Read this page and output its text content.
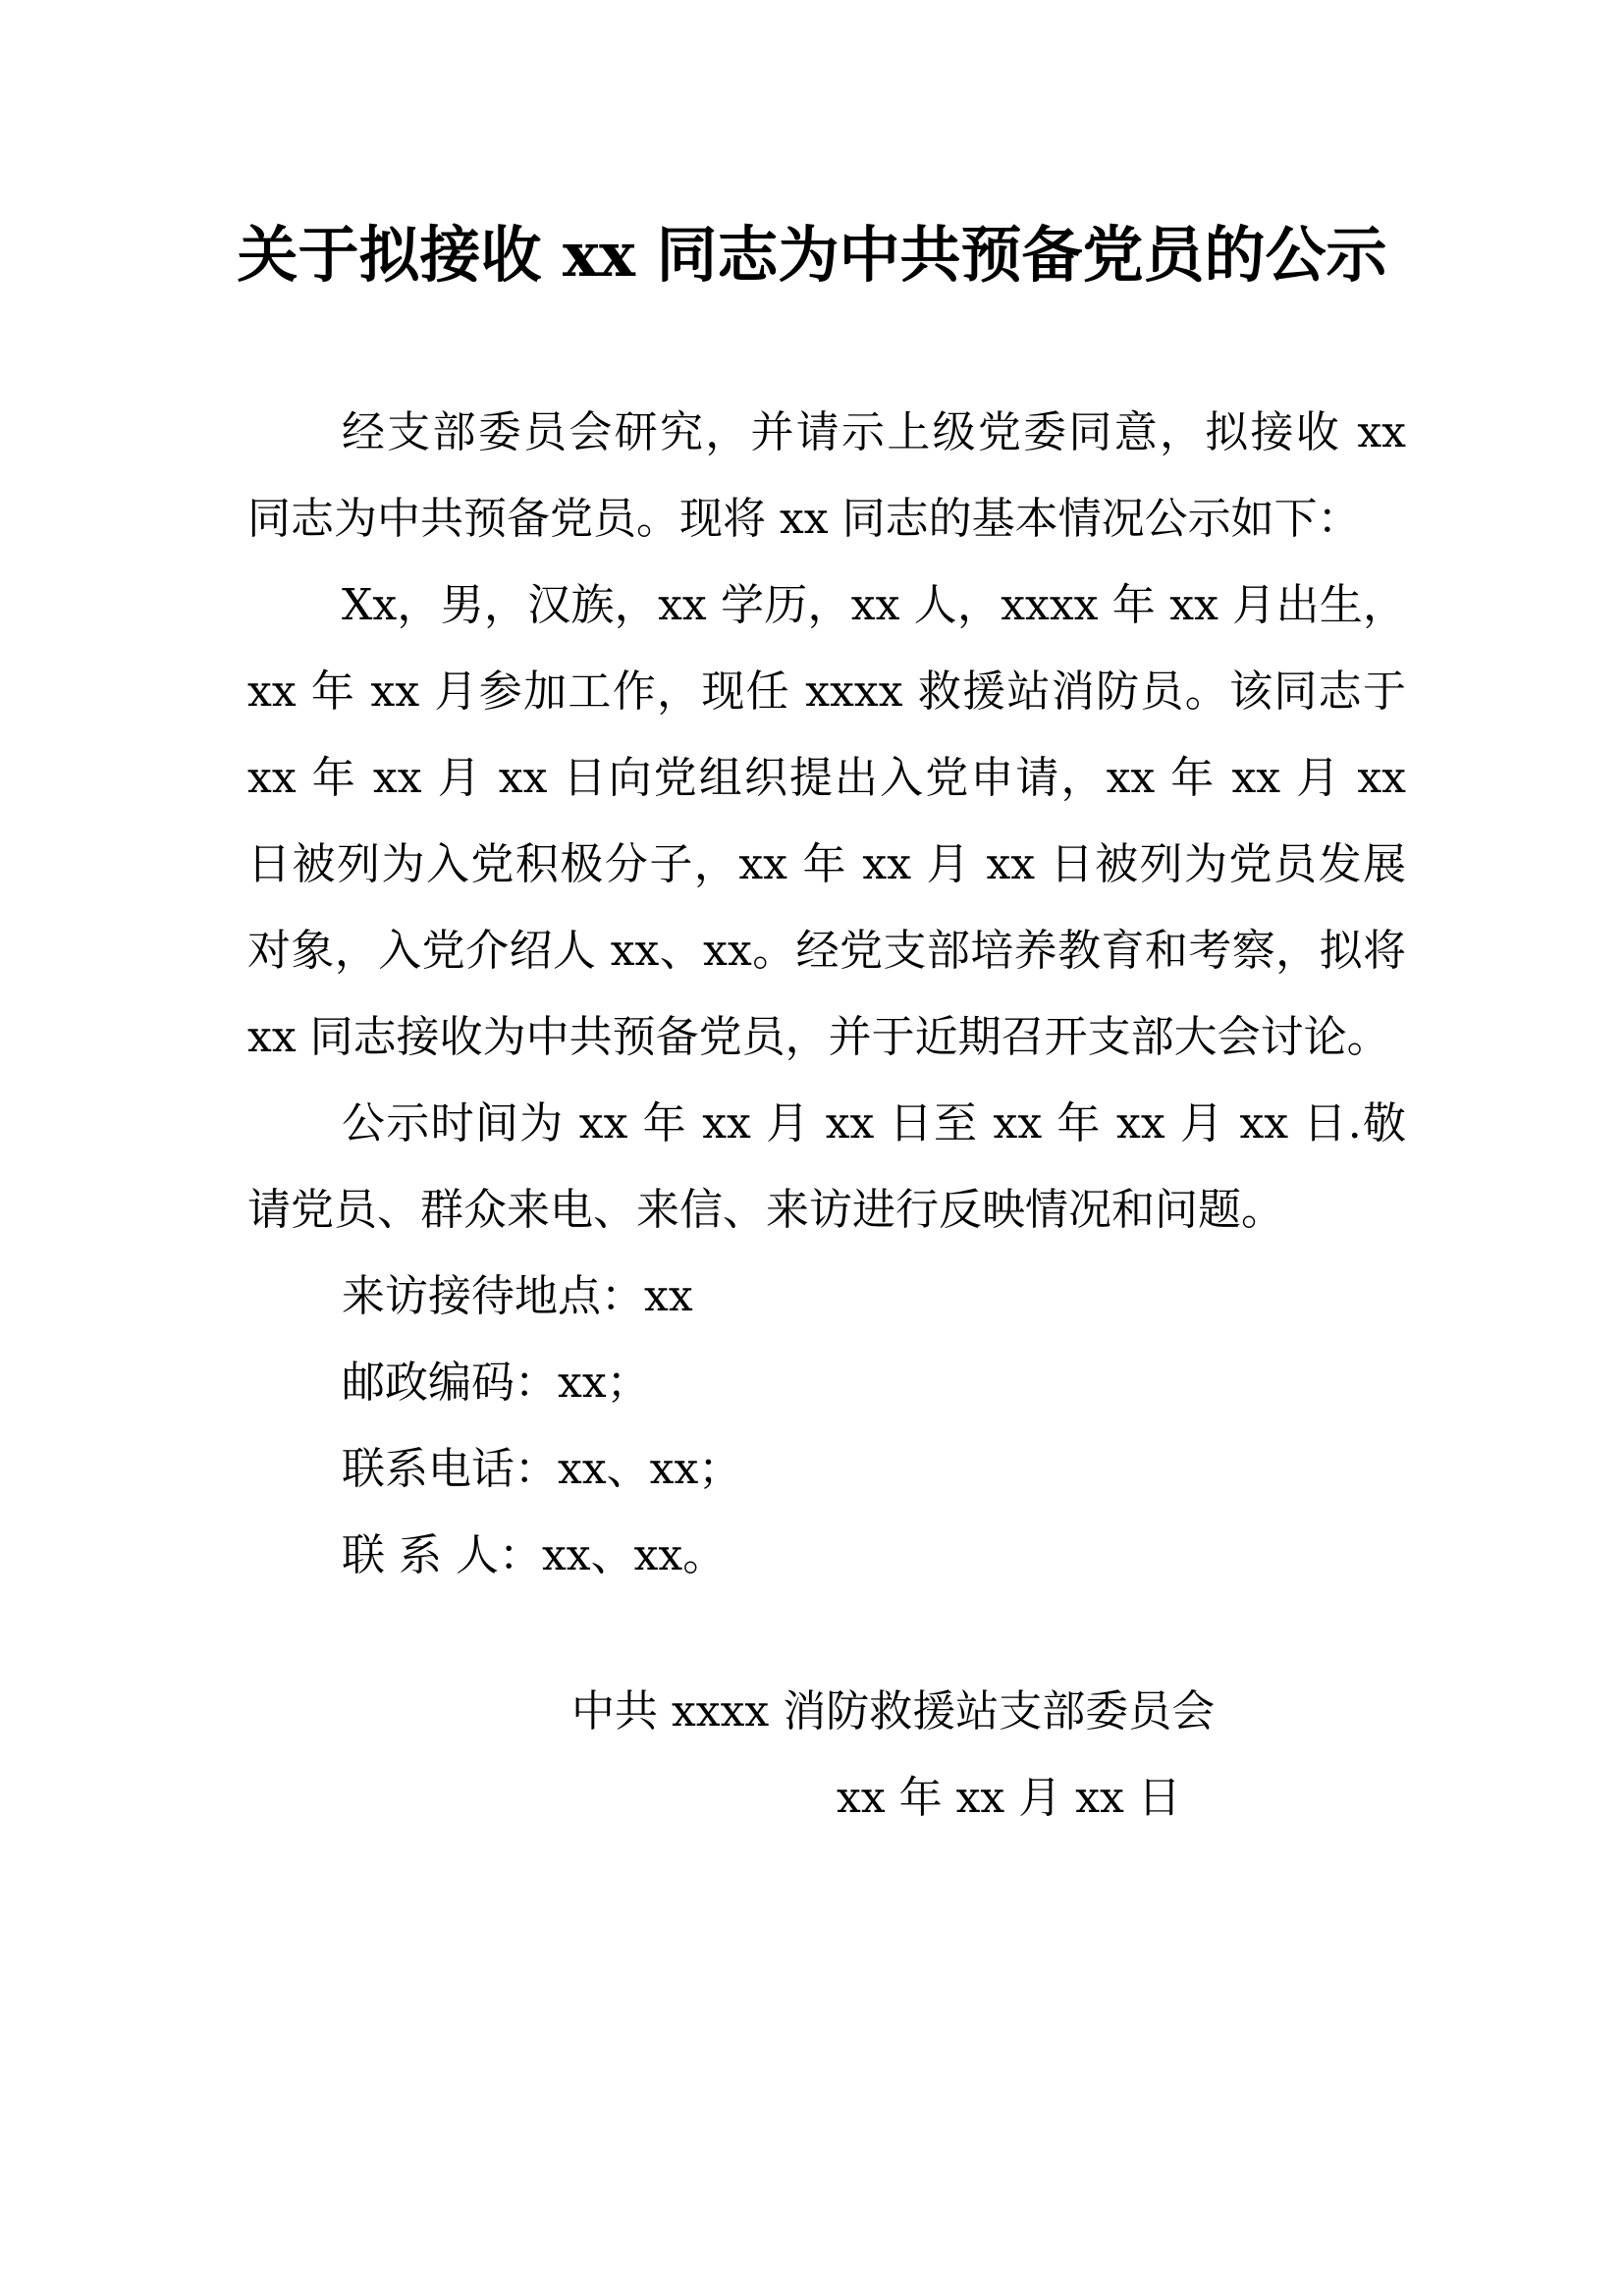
关于拟接收 xx 同志为中共预备党员的公示

经支部委员会研究，并请示上级党委同意，拟接收 xx 同志为中共预备党员。现将 xx 同志的基本情况公示如下：

Xx，男，汉族，xx 学历，xx 人，xxxx 年 xx 月出生，xx 年 xx 月参加工作，现任 xxxx 救援站消防员。该同志于 xx 年 xx 月 xx 日向党组织提出入党申请，xx 年 xx 月 xx 日被列为入党积极分子，xx 年 xx 月 xx 日被列为党员发展对象，入党介绍人 xx、xx。经党支部培养教育和考察，拟将 xx 同志接收为中共预备党员，并于近期召开支部大会讨论。

公示时间为 xx 年 xx 月 xx 日至 xx 年 xx 月 xx 日.敬请党员、群众来电、来信、来访进行反映情况和问题。

来访接待地点：xx

邮政编码：xx；

联系电话：xx、xx；

联 系 人：xx、xx。

中共 xxxx 消防救援站支部委员会
xx 年 xx 月 xx 日
